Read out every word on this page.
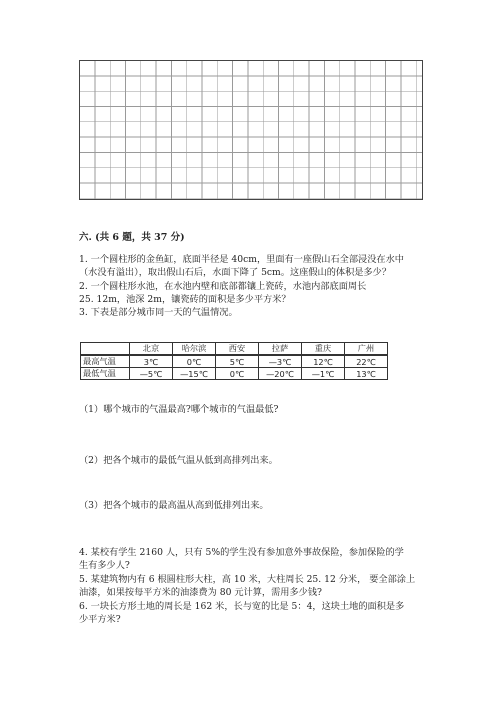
六. (共 6 题，共 37 分)
1. 一个圆柱形的金鱼缸，底面半径是 40cm，里面有一座假山石全部浸没在水中
（水没有溢出），取出假山石后，水面下降了 5cm。这座假山的体积是多少？
2. 一个圆柱形水池，在水池内壁和底部都镶上瓷砖，水池内部底面周长
25. 12m，池深 2m，镶瓷砖的面积是多少平方米？
3. 下表是部分城市同一天的气温情况。
	北京	哈尔滨	西安	拉萨	重庆	广州
最高气温	3℃	0℃	5℃	—3℃	12℃	22℃
最低气温	—5℃	—15℃	0℃	—20℃	—1℃	13℃
（1）哪个城市的气温最高?哪个城市的气温最低?
（2）把各个城市的最低气温从低到高排列出来。
（3）把各个城市的最高温从高到低排列出来。
4. 某校有学生 2160 人，只有 5%的学生没有参加意外事故保险，参加保险的学
生有多少人?
5. 某建筑物内有 6 根圆柱形大柱，高 10 米，大柱周长 25. 12 分米， 要全部涂上
油漆，如果按每平方米的油漆费为 80 元计算，需用多少钱?
6. 一块长方形土地的周长是 162 米，长与宽的比是 5：4，这块土地的面积是多
少平方米?
